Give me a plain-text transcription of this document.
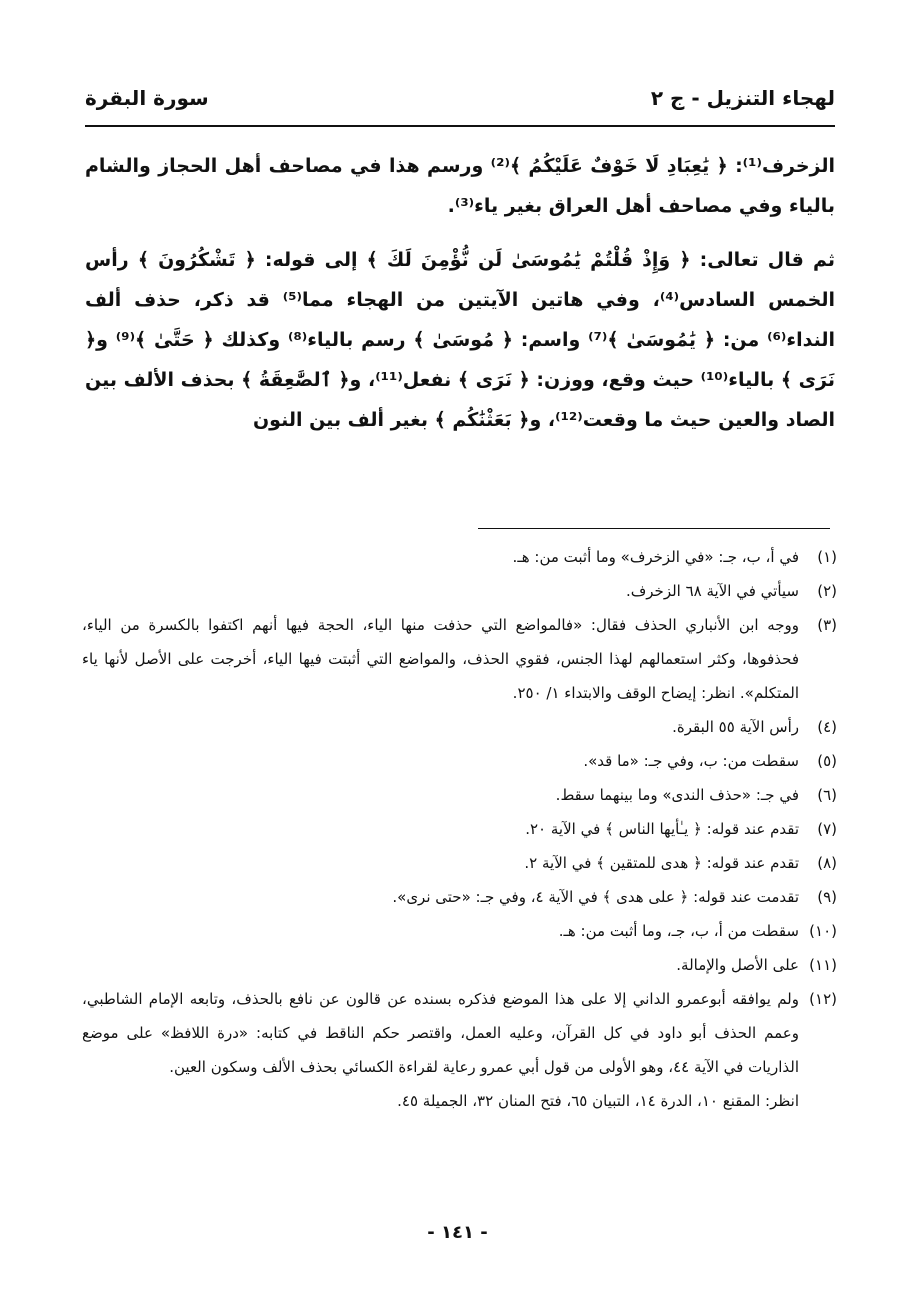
لهجاء التنزيل - ج ٢
سورة البقرة

الزخرف⁽¹⁾: ﴿ يَٰعِبَادِ لَا خَوْفٌ عَلَيْكُمُ ﴾⁽²⁾ ورسم هذا في مصاحف أهل الحجاز والشام بالياء وفي مصاحف أهل العراق بغير ياء⁽³⁾.

ثم قال تعالى: ﴿ وَإِذْ قُلْتُمْ يَٰمُوسَىٰ لَن نُّؤْمِنَ لَكَ ﴾ إلى قوله: ﴿ تَشْكُرُونَ ﴾ رأس الخمس السادس⁽⁴⁾، وفي هاتين الآيتين من الهجاء مما⁽⁵⁾ قد ذكر، حذف ألف النداء⁽⁶⁾ من: ﴿ يَٰمُوسَىٰ ﴾⁽⁷⁾ واسم: ﴿ مُوسَىٰ ﴾ رسم بالياء⁽⁸⁾ وكذلك ﴿ حَتَّىٰ ﴾⁽⁹⁾ و﴿ نَرَى ﴾ بالياء⁽¹⁰⁾ حيث وقع، ووزن: ﴿ نَرَى ﴾ نفعل⁽¹¹⁾، و﴿ ٱلصَّٰعِقَةُ ﴾ بحذف الألف بين الصاد والعين حيث ما وقعت⁽¹²⁾، و﴿ بَعَثْنَٰكُم ﴾ بغير ألف بين النون

(١)
في أ، ب، جـ: «في الزخرف» وما أثبت من: هـ.
(٢)
سيأتي في الآية ٦٨ الزخرف.
(٣)
ووجه ابن الأنباري الحذف فقال: «فالمواضع التي حذفت منها الياء، الحجة فيها أنهم اكتفوا بالكسرة من الياء، فحذفوها، وكثر استعمالهم لهذا الجنس، فقوي الحذف، والمواضع التي أثبتت فيها الياء، أخرجت على الأصل لأنها ياء المتكلم». انظر: إيضاح الوقف والابتداء ١/ ٢٥٠.
(٤)
رأس الآية ٥٥ البقرة.
(٥)
سقطت من: ب، وفي جـ: «ما قد».
(٦)
في جـ: «حذف الندى» وما بينهما سقط.
(٧)
تقدم عند قوله: ﴿ يـٰأيها الناس ﴾ في الآية ٢٠.
(٨)
تقدم عند قوله: ﴿ هدى للمتقين ﴾ في الآية ٢.
(٩)
تقدمت عند قوله: ﴿ على هدى ﴾ في الآية ٤، وفي جـ: «حتى نرى».
(١٠)
سقطت من أ، ب، جـ، وما أثبت من: هـ.
(١١)
على الأصل والإمالة.
(١٢)
ولم يوافقه أبوعمرو الداني إلا على هذا الموضع فذكره بسنده عن قالون عن نافع بالحذف، وتابعه الإمام الشاطبي، وعمم الحذف أبو داود في كل القرآن، وعليه العمل، واقتصر حكم الناقط في كتابه: «درة اللافظ» على موضع الذاريات في الآية ٤٤، وهو الأولى من قول أبي عمرو رعاية لقراءة الكسائي بحذف الألف وسكون العين.
انظر: المقنع ١٠، الدرة ١٤، التبيان ٦٥، فتح المنان ٣٢، الجميلة ٤٥.
- ١٤١ -
